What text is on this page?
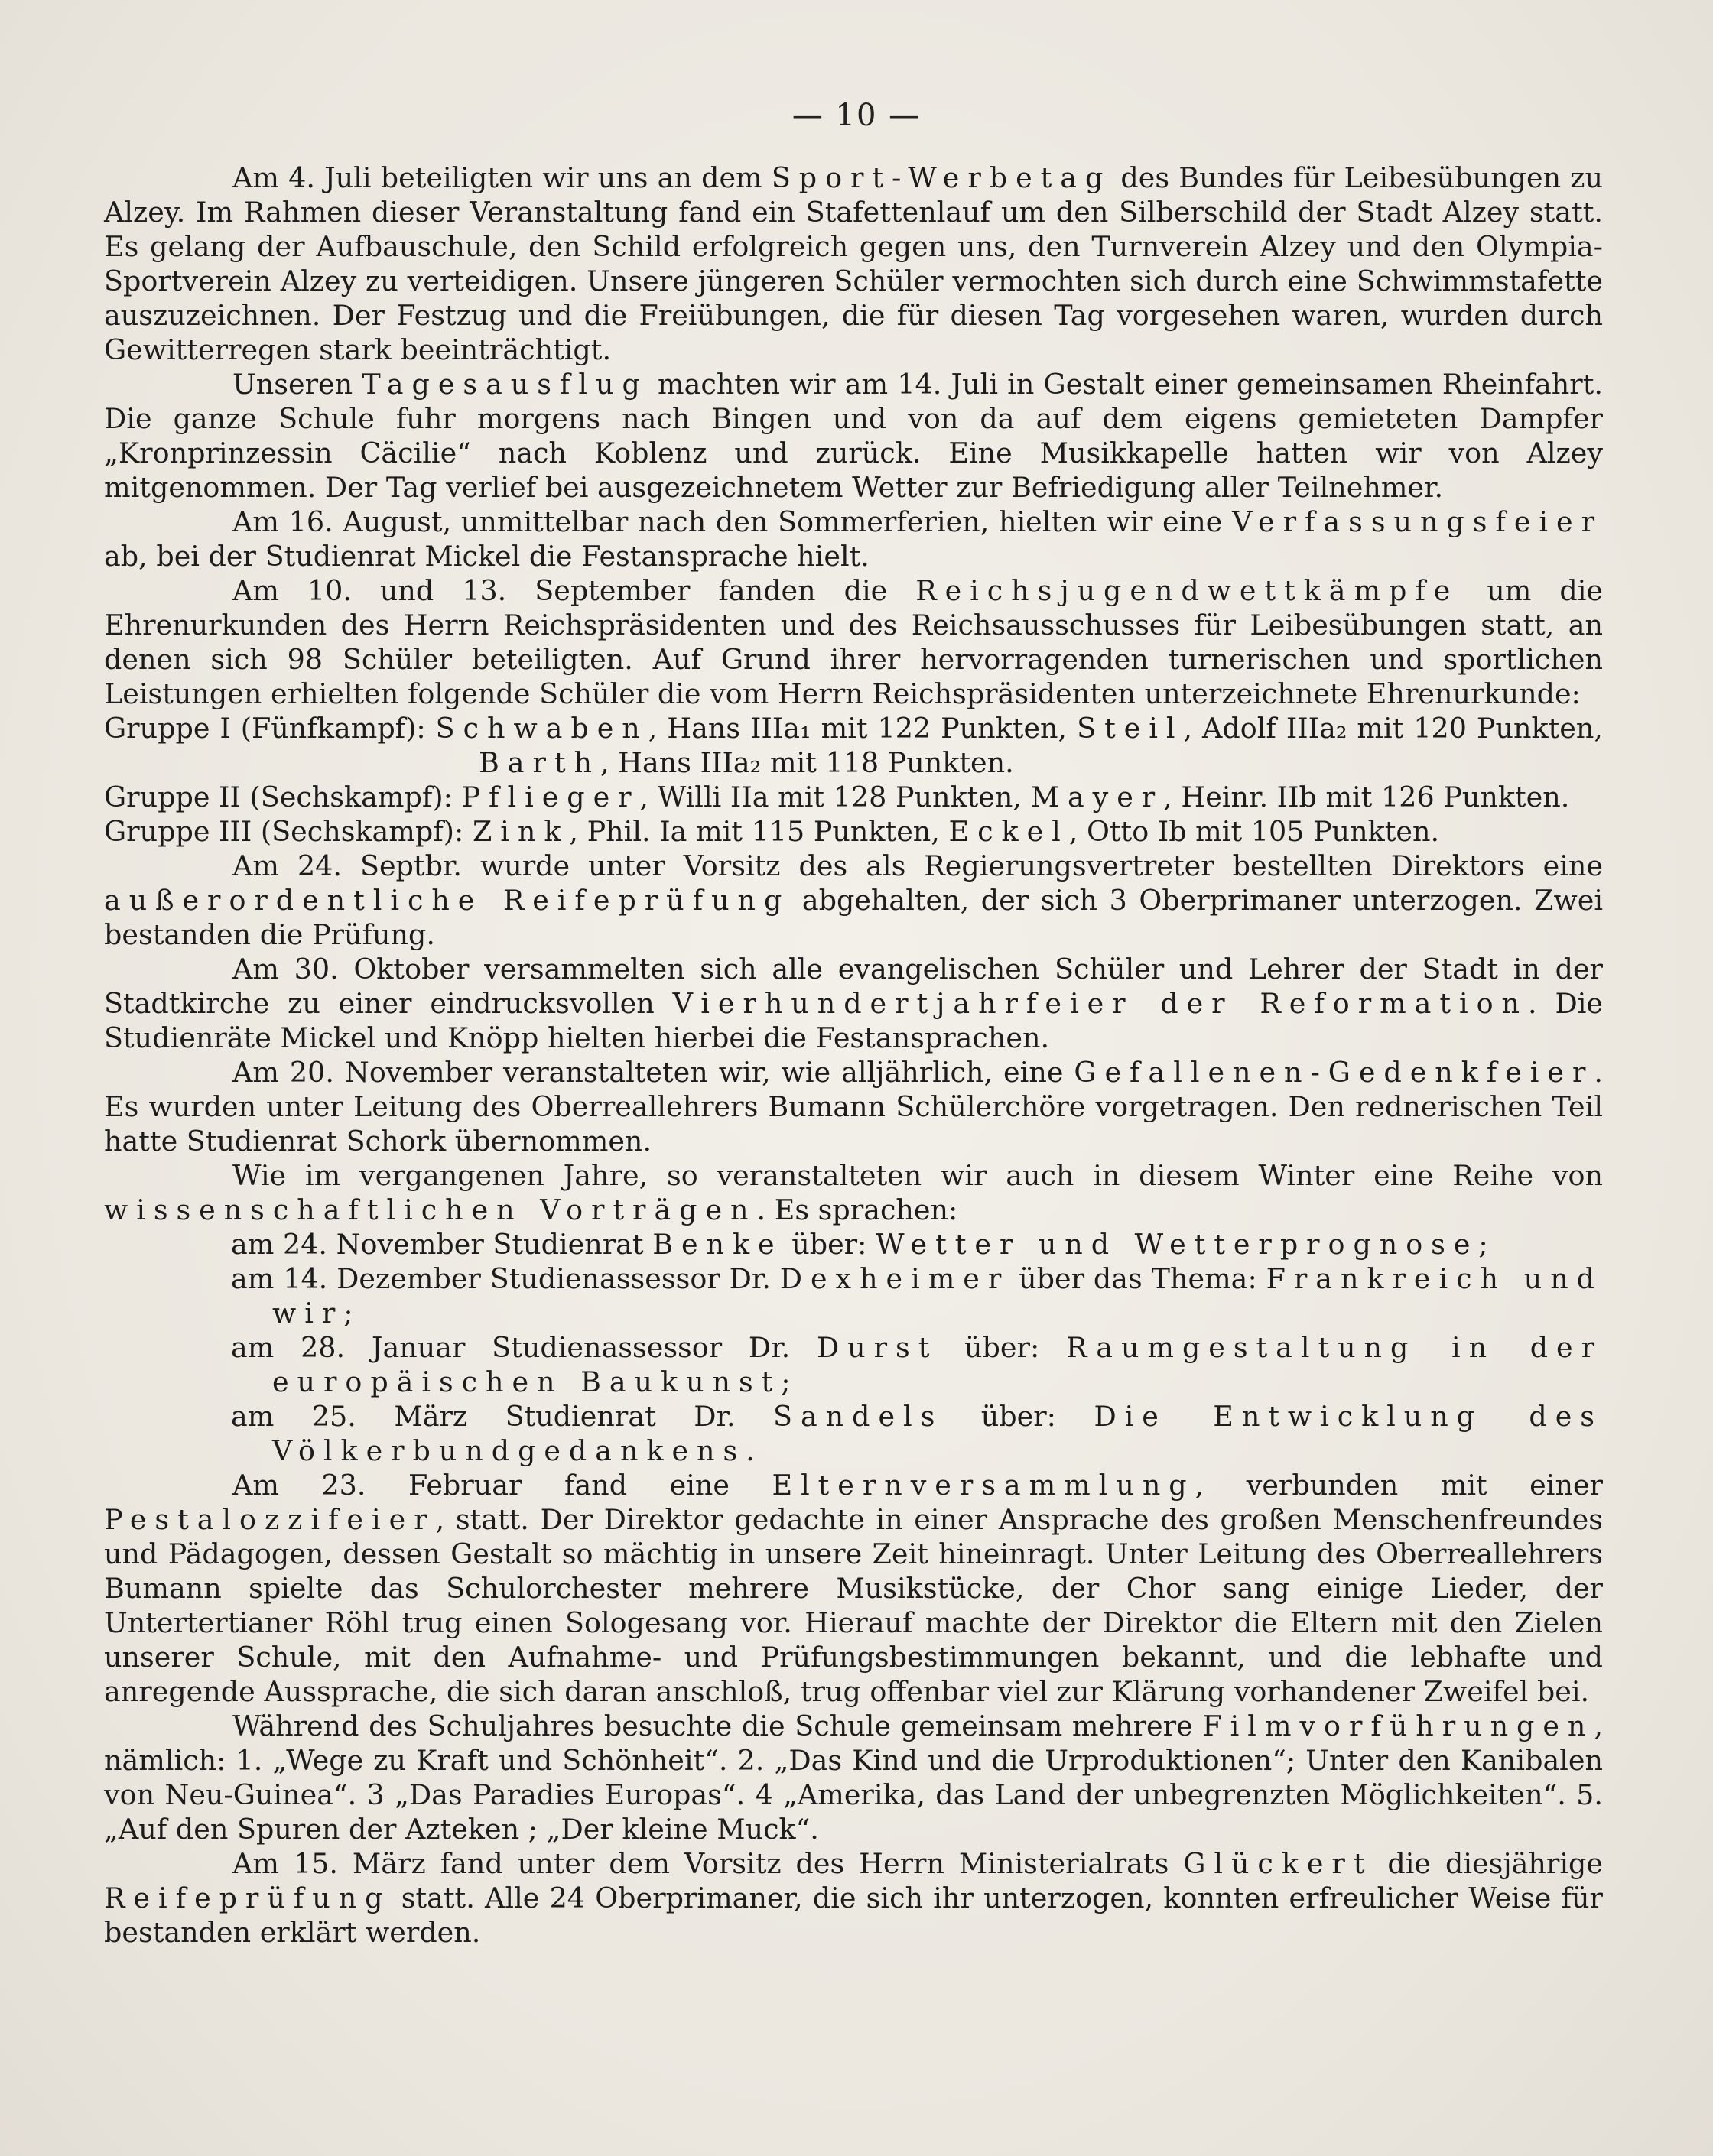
— 10 —

Am 4. Juli beteiligten wir uns an dem Sport-Werbetag des Bundes für Leibesübungen zu Alzey. Im Rahmen dieser Veranstaltung fand ein Stafettenlauf um den Silberschild der Stadt Alzey statt. Es gelang der Aufbauschule, den Schild erfolgreich gegen uns, den Turnverein Alzey und den Olympia-Sportverein Alzey zu verteidigen. Unsere jüngeren Schüler vermochten sich durch eine Schwimmstafette auszuzeichnen. Der Festzug und die Freiübungen, die für diesen Tag vorgesehen waren, wurden durch Gewitterregen stark beeinträchtigt.

Unseren Tagesausflug machten wir am 14. Juli in Gestalt einer gemeinsamen Rheinfahrt. Die ganze Schule fuhr morgens nach Bingen und von da auf dem eigens gemieteten Dampfer „Kronprinzessin Cäcilie“ nach Koblenz und zurück. Eine Musikkapelle hatten wir von Alzey mitgenommen. Der Tag verlief bei ausgezeichnetem Wetter zur Befriedigung aller Teilnehmer.

Am 16. August, unmittelbar nach den Sommerferien, hielten wir eine Verfassungsfeier ab, bei der Studienrat Mickel die Festansprache hielt.

Am 10. und 13. September fanden die Reichsjugendwettkämpfe um die Ehrenurkunden des Herrn Reichspräsidenten und des Reichsausschusses für Leibesübungen statt, an denen sich 98 Schüler beteiligten. Auf Grund ihrer hervorragenden turnerischen und sportlichen Leistungen erhielten folgende Schüler die vom Herrn Reichspräsidenten unterzeichnete Ehrenurkunde:

Gruppe I (Fünfkampf): Schwaben, Hans IIIa₁ mit 122 Punkten, Steil, Adolf IIIa₂ mit 120 Punkten, Barth, Hans IIIa₂ mit 118 Punkten.

Gruppe II (Sechskampf): Pflieger, Willi IIa mit 128 Punkten, Mayer, Heinr. IIb mit 126 Punkten.

Gruppe III (Sechskampf): Zink, Phil. Ia mit 115 Punkten, Eckel, Otto Ib mit 105 Punkten.

Am 24. Septbr. wurde unter Vorsitz des als Regierungsvertreter bestellten Direktors eine außerordentliche Reifeprüfung abgehalten, der sich 3 Oberprimaner unterzogen. Zwei bestanden die Prüfung.

Am 30. Oktober versammelten sich alle evangelischen Schüler und Lehrer der Stadt in der Stadtkirche zu einer eindrucksvollen Vierhundertjahrfeier der Reformation. Die Studienräte Mickel und Knöpp hielten hierbei die Festansprachen.

Am 20. November veranstalteten wir, wie alljährlich, eine Gefallenen-Gedenkfeier. Es wurden unter Leitung des Oberreallehrers Bumann Schülerchöre vorgetragen. Den rednerischen Teil hatte Studienrat Schork übernommen.

Wie im vergangenen Jahre, so veranstalteten wir auch in diesem Winter eine Reihe von wissenschaftlichen Vorträgen. Es sprachen:

am 24. November Studienrat Benke über: Wetter und Wetterprognose;

am 14. Dezember Studienassessor Dr. Dexheimer über das Thema: Frankreich und wir;

am 28. Januar Studienassessor Dr. Durst über: Raumgestaltung in der europäischen Baukunst;

am 25. März Studienrat Dr. Sandels über: Die Entwicklung des Völkerbundgedankens.

Am 23. Februar fand eine Elternversammlung, verbunden mit einer Pestalozzifeier, statt. Der Direktor gedachte in einer Ansprache des großen Menschenfreundes und Pädagogen, dessen Gestalt so mächtig in unsere Zeit hineinragt. Unter Leitung des Oberreallehrers Bumann spielte das Schulorchester mehrere Musikstücke, der Chor sang einige Lieder, der Untertertianer Röhl trug einen Sologesang vor. Hierauf machte der Direktor die Eltern mit den Zielen unserer Schule, mit den Aufnahme- und Prüfungsbestimmungen bekannt, und die lebhafte und anregende Aussprache, die sich daran anschloß, trug offenbar viel zur Klärung vorhandener Zweifel bei.

Während des Schuljahres besuchte die Schule gemeinsam mehrere Filmvorführungen, nämlich: 1. „Wege zu Kraft und Schönheit“. 2. „Das Kind und die Urproduktionen“; Unter den Kanibalen von Neu-Guinea“. 3 „Das Paradies Europas“. 4 „Amerika, das Land der unbegrenzten Möglichkeiten“. 5. „Auf den Spuren der Azteken ; „Der kleine Muck“.

Am 15. März fand unter dem Vorsitz des Herrn Ministerialrats Glückert die diesjährige Reifeprüfung statt. Alle 24 Oberprimaner, die sich ihr unterzogen, konnten erfreulicher Weise für bestanden erklärt werden.
